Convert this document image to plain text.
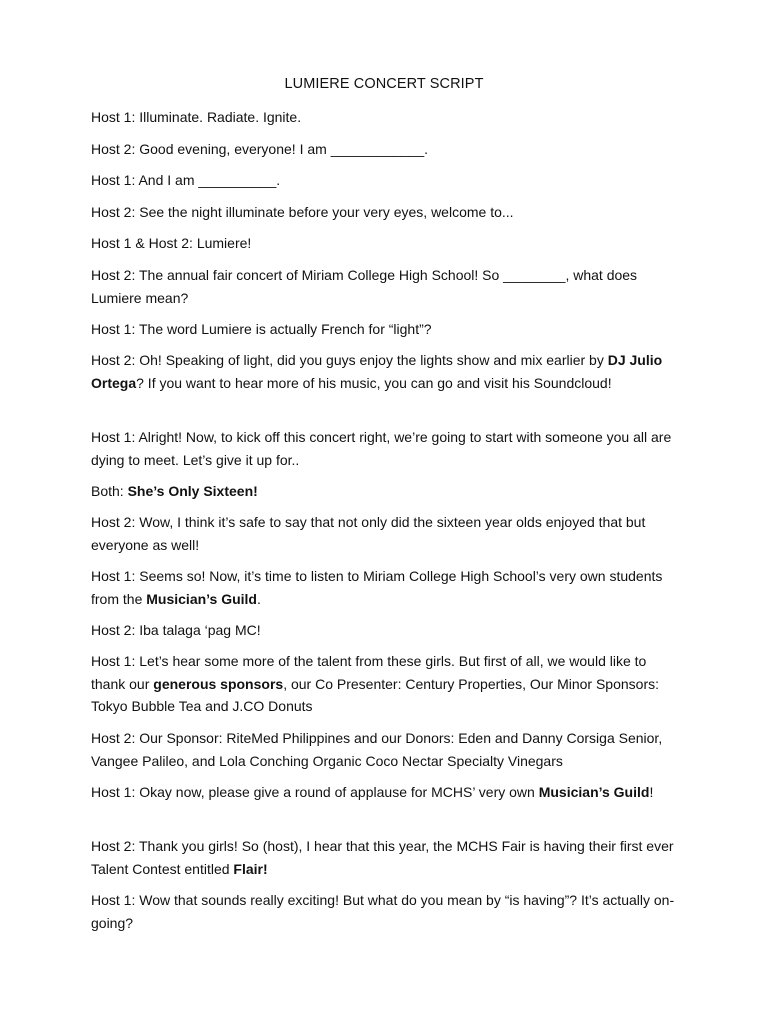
LUMIERE CONCERT SCRIPT

Host 1: Illuminate. Radiate. Ignite.

Host 2: Good evening, everyone! I am ____________.

Host 1: And I am __________.

Host 2: See the night illuminate before your very eyes, welcome to...

Host 1 & Host 2: Lumiere!

Host 2: The annual fair concert of Miriam College High School! So ________, what does Lumiere mean?

Host 1: The word Lumiere is actually French for “light”?

Host 2: Oh! Speaking of light, did you guys enjoy the lights show and mix earlier by DJ Julio Ortega? If you want to hear more of his music, you can go and visit his Soundcloud!

Host 1: Alright! Now, to kick off this concert right, we’re going to start with someone you all are dying to meet. Let’s give it up for..

Both: She’s Only Sixteen!

Host 2: Wow, I think it’s safe to say that not only did the sixteen year olds enjoyed that but everyone as well!

Host 1: Seems so! Now, it’s time to listen to Miriam College High School’s very own students from the Musician’s Guild.

Host 2: Iba talaga ‘pag MC!

Host 1: Let’s hear some more of the talent from these girls. But first of all, we would like to thank our generous sponsors, our Co Presenter: Century Properties, Our Minor Sponsors: Tokyo Bubble Tea and J.CO Donuts

Host 2: Our Sponsor: RiteMed Philippines and our Donors: Eden and Danny Corsiga Senior, Vangee Palileo, and Lola Conching Organic Coco Nectar Specialty Vinegars

Host 1: Okay now, please give a round of applause for MCHS’ very own Musician’s Guild!

Host 2: Thank you girls! So (host), I hear that this year, the MCHS Fair is having their first ever Talent Contest entitled Flair!

Host 1: Wow that sounds really exciting! But what do you mean by “is having”? It’s actually on-going?
